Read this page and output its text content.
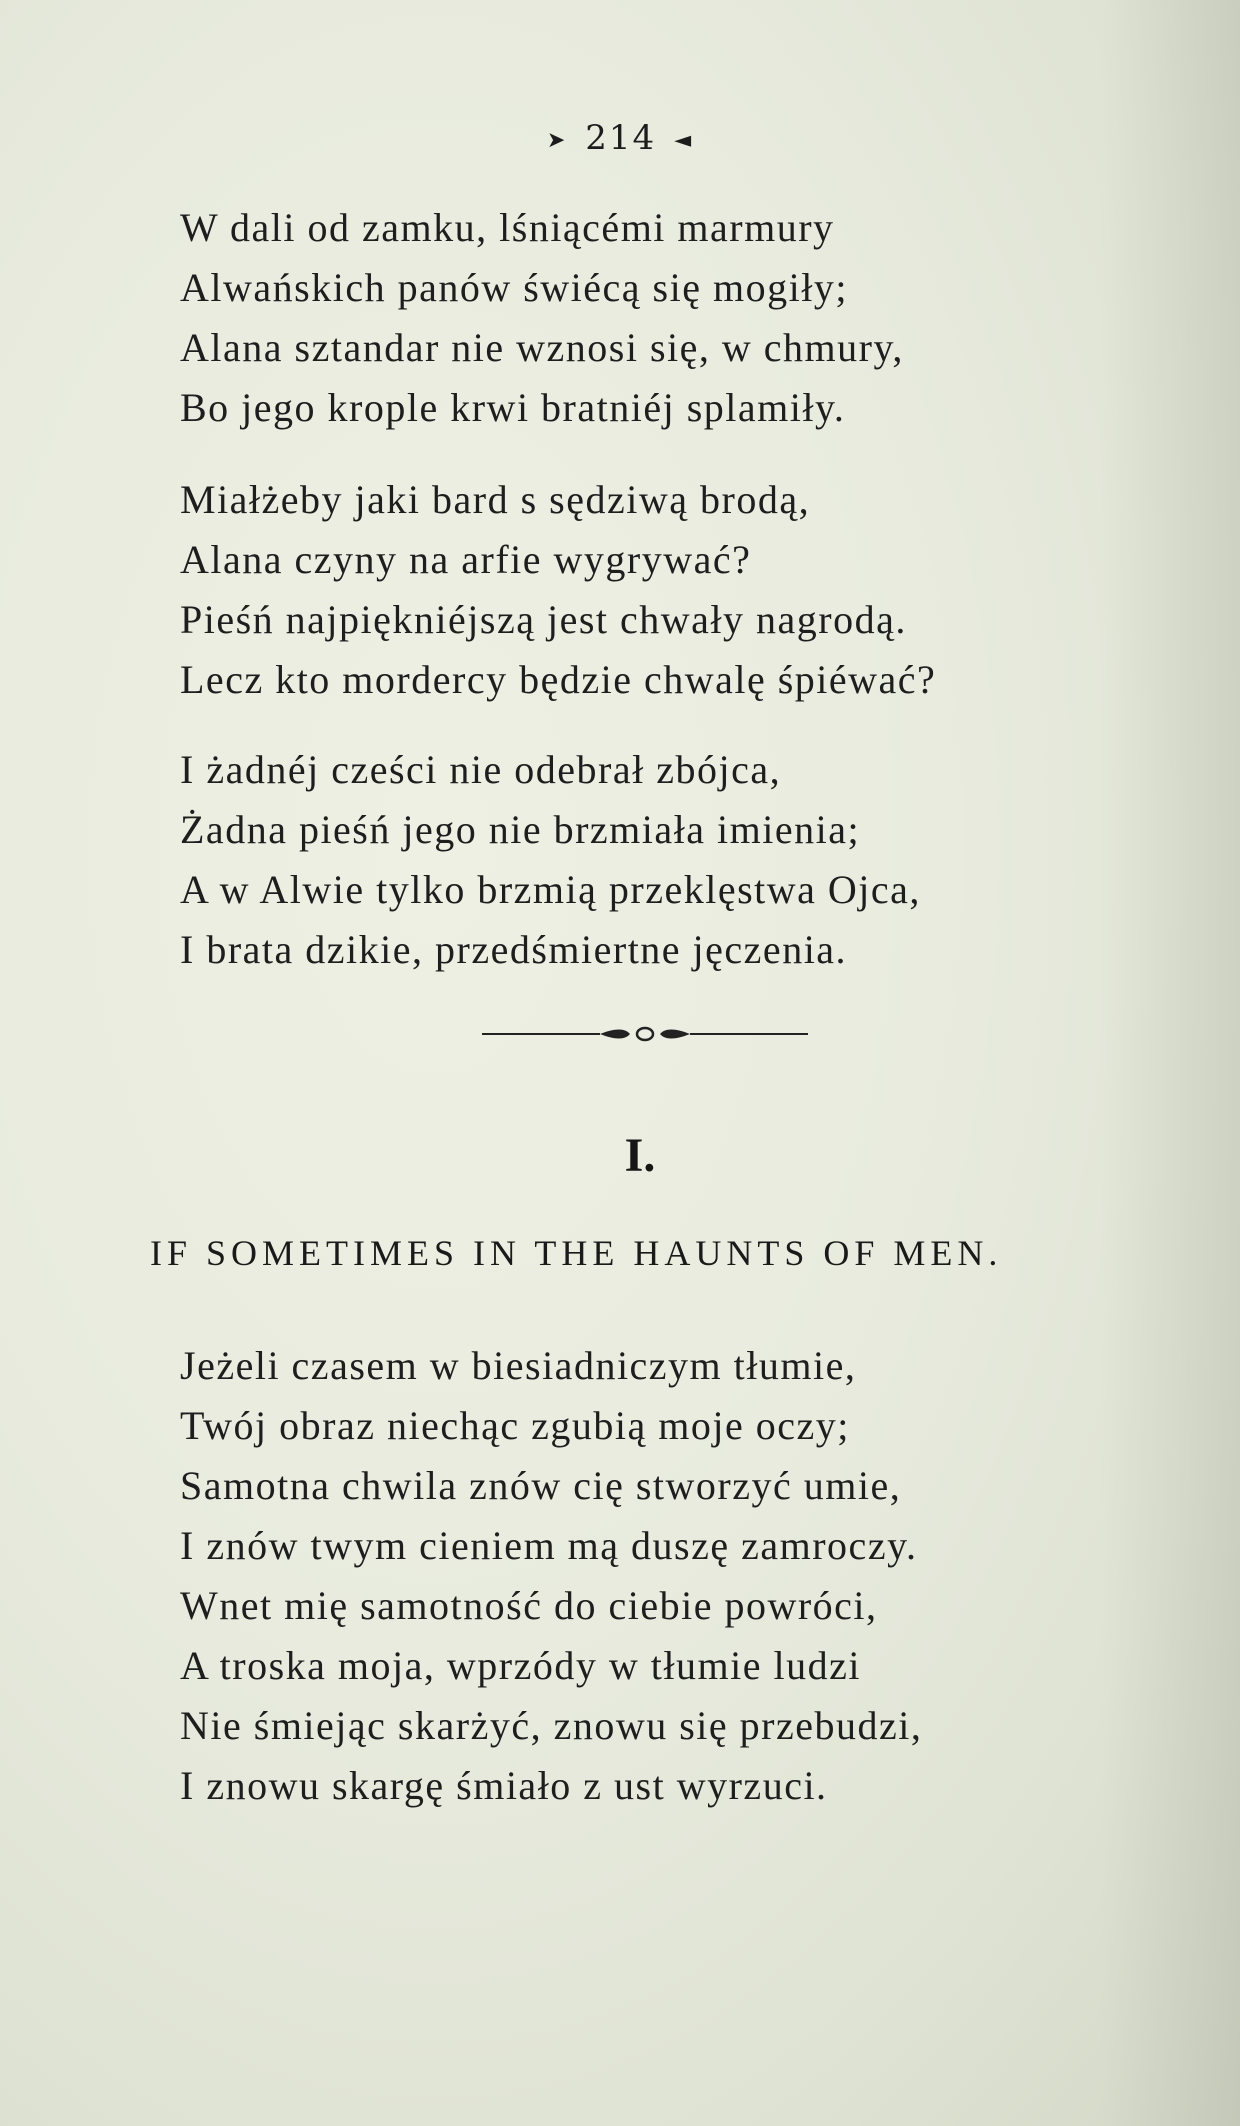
➤ 214 ◄
W dali od zamku, lśniącémi marmury
Alwańskich panów świécą się mogiły;
Alana sztandar nie wznosi się, w chmury,
Bo jego krople krwi bratniéj splamiły.
Miałżeby jaki bard s sędziwą brodą,
Alana czyny na arfie wygrywać?
Pieśń najpiękniéjszą jest chwały nagrodą.
Lecz kto mordercy będzie chwalę śpiéwać?
I żadnéj cześci nie odebrał zbójca,
Żadna pieśń jego nie brzmiała imienia;
A w Alwie tylko brzmią przeklęstwa Ojca,
I brata dzikie, przedśmiertne jęczenia.
I.
IF SOMETIMES IN THE HAUNTS OF MEN.
Jeżeli czasem w biesiadniczym tłumie,
Twój obraz niechąc zgubią moje oczy;
Samotna chwila znów cię stworzyć umie,
I znów twym cieniem mą duszę zamroczy.
Wnet mię samotność do ciebie powróci,
A troska moja, wprzódy w tłumie ludzi
Nie śmiejąc skarżyć, znowu się przebudzi,
I znowu skargę śmiało z ust wyrzuci.
